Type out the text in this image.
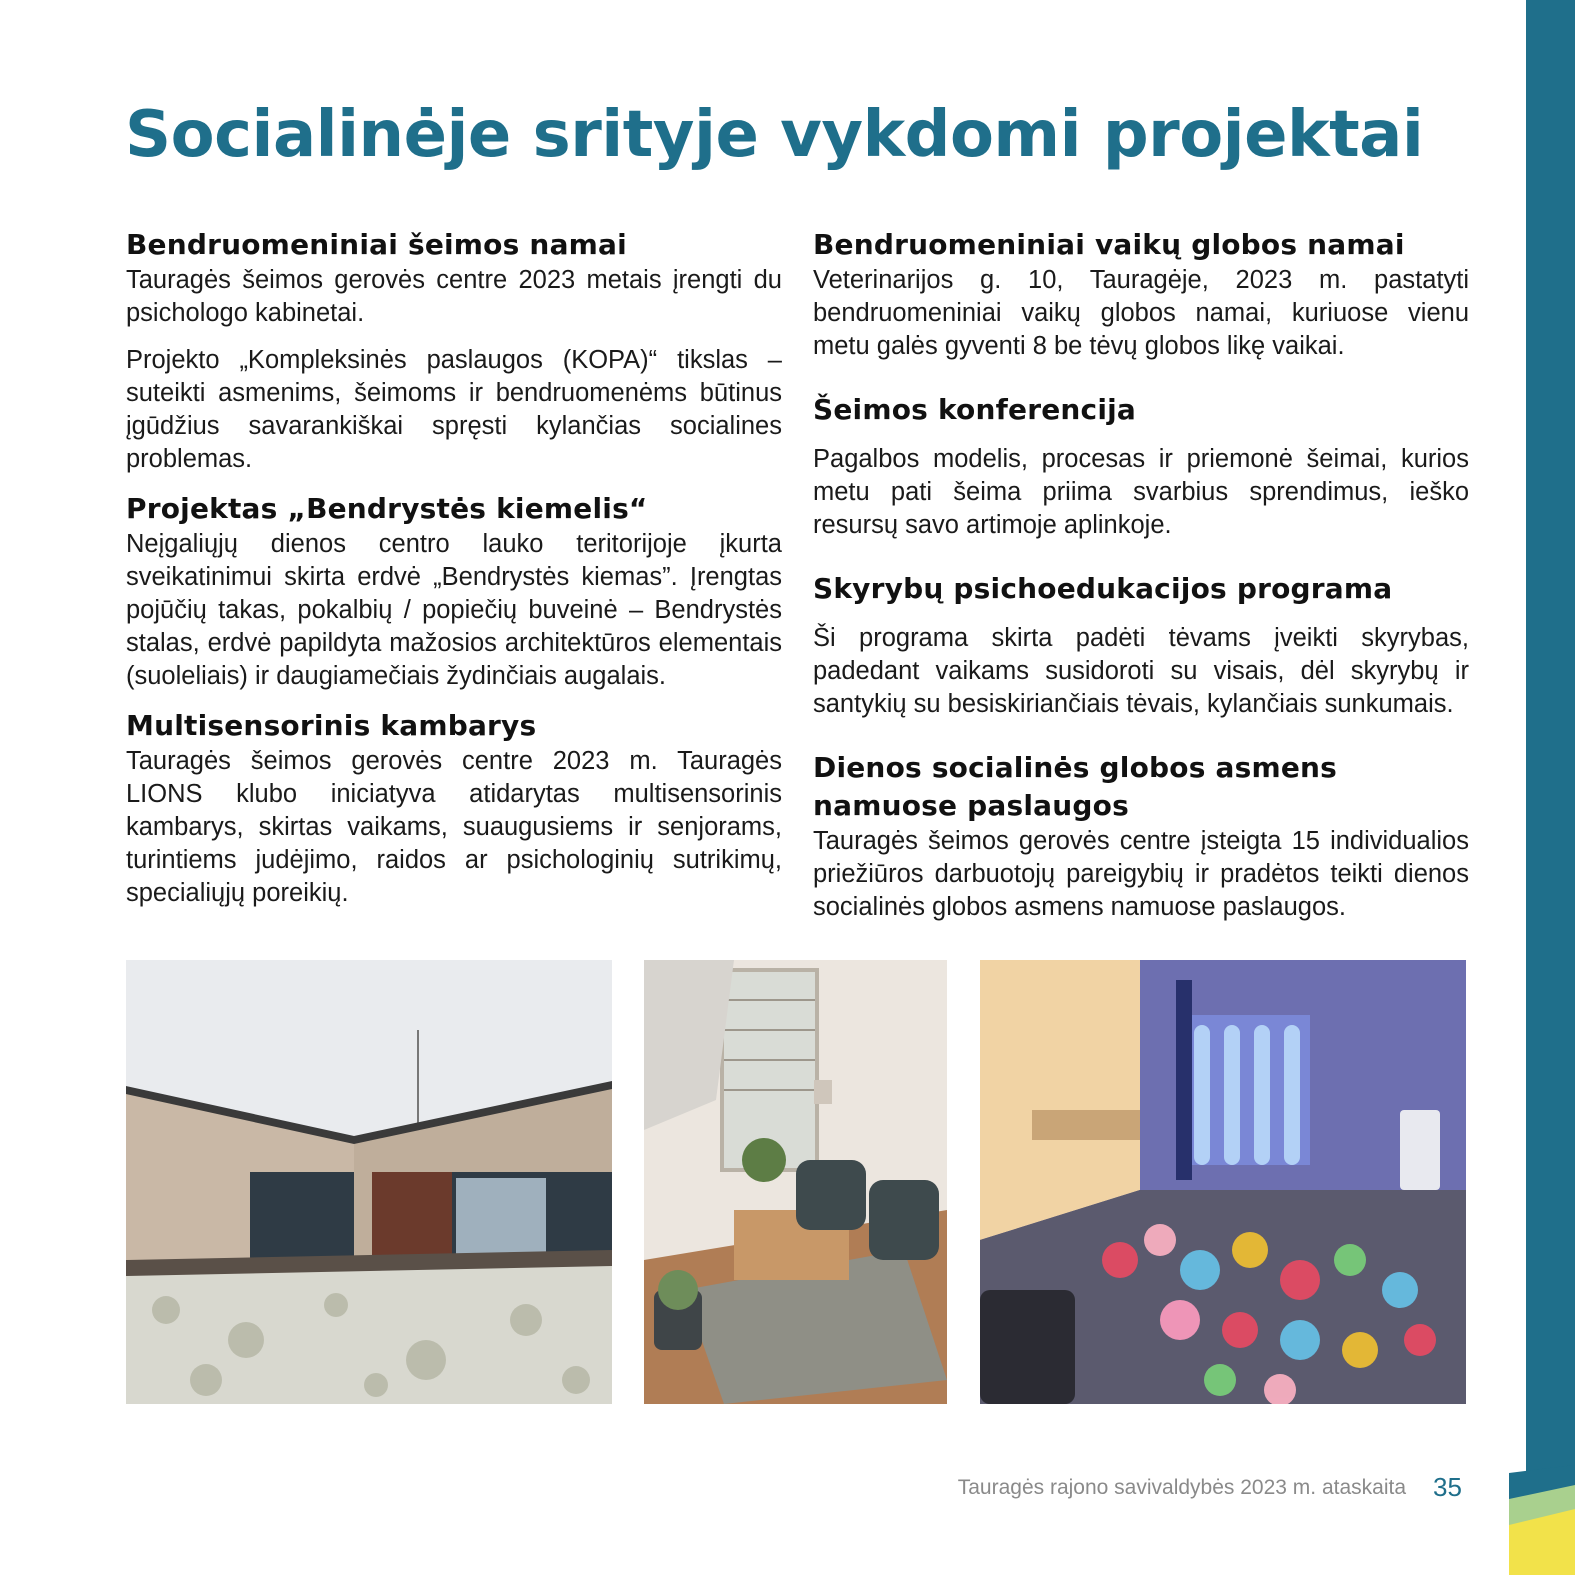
Socialinėje srityje vykdomi projektai
Bendruomeniniai šeimos namai

Tauragės šeimos gerovės centre 2023 metais įrengti du psichologo kabinetai.

Projekto „Kompleksinės paslaugos (KOPA)“ tikslas – suteikti asmenims, šeimoms ir bendruomenėms būtinus įgūdžius savarankiškai spręsti kylančias socialines problemas.

Projektas „Bendrystės kiemelis“

Neįgaliųjų dienos centro lauko teritorijoje įkurta sveikatinimui skirta erdvė „Bendrystės kiemas”. Įrengtas pojūčių takas, pokalbių / popiečių buveinė – Bendrystės stalas, erdvė papildyta mažosios architektūros elementais (suoleliais) ir daugiamečiais žydinčiais augalais.

Multisensorinis kambarys

Tauragės šeimos gerovės centre 2023 m. Tauragės LIONS klubo iniciatyva atidarytas multisensorinis kambarys, skirtas vaikams, suaugusiems ir senjorams, turintiems judėjimo, raidos ar psichologinių sutrikimų, specialiųjų poreikių.

Bendruomeniniai vaikų globos namai

Veterinarijos g. 10, Tauragėje, 2023 m. pastatyti bendruomeniniai vaikų globos namai, kuriuose vienu metu galės gyventi 8 be tėvų globos likę vaikai.

Šeimos konferencija

Pagalbos modelis, procesas ir priemonė šeimai, kurios metu pati šeima priima svarbius sprendimus, ieško resursų savo artimoje aplinkoje.

Skyrybų psichoedukacijos programa

Ši programa skirta padėti tėvams įveikti skyrybas, padedant vaikams susidoroti su visais, dėl skyrybų ir santykių su besiskiriančiais tėvais, kylančiais sunkumais.

Dienos socialinės globos asmens namuose paslaugos

Tauragės šeimos gerovės centre įsteigta 15 individualios priežiūros darbuotojų pareigybių ir pradėtos teikti dienos socialinės globos asmens namuose paslaugos.

Tauragės rajono savivaldybės 2023 m. ataskaita 35
